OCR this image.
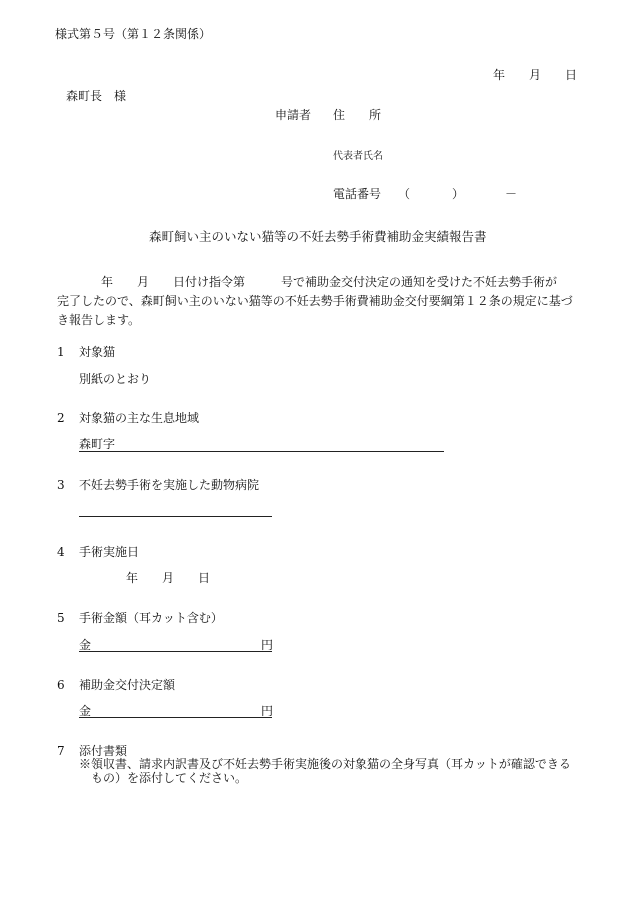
様式第５号（第１２条関係）
年　　月　　日
森町長　様
申請者 住　　所
代表者氏名
電話番号 （	）	－
森町飼い主のいない猫等の不妊去勢手術費補助金実績報告書
年　　月　　日付け指令第　　　号で補助金交付決定の通知を受けた不妊去勢手術が
完了したので、森町飼い主のいない猫等の不妊去勢手術費補助金交付要綱第１２条の規定に基づ
き報告します。
1 対象猫
別紙のとおり
2 対象猫の主な生息地域
森町字
3 不妊去勢手術を実施した動物病院
4 手術実施日
年　　月　　日
5 手術金額（耳カット含む）
金	円
6 補助金交付決定額
金	円
7 添付書類
※領収書、請求内訳書及び不妊去勢手術実施後の対象猫の全身写真（耳カットが確認できる
もの）を添付してください。
